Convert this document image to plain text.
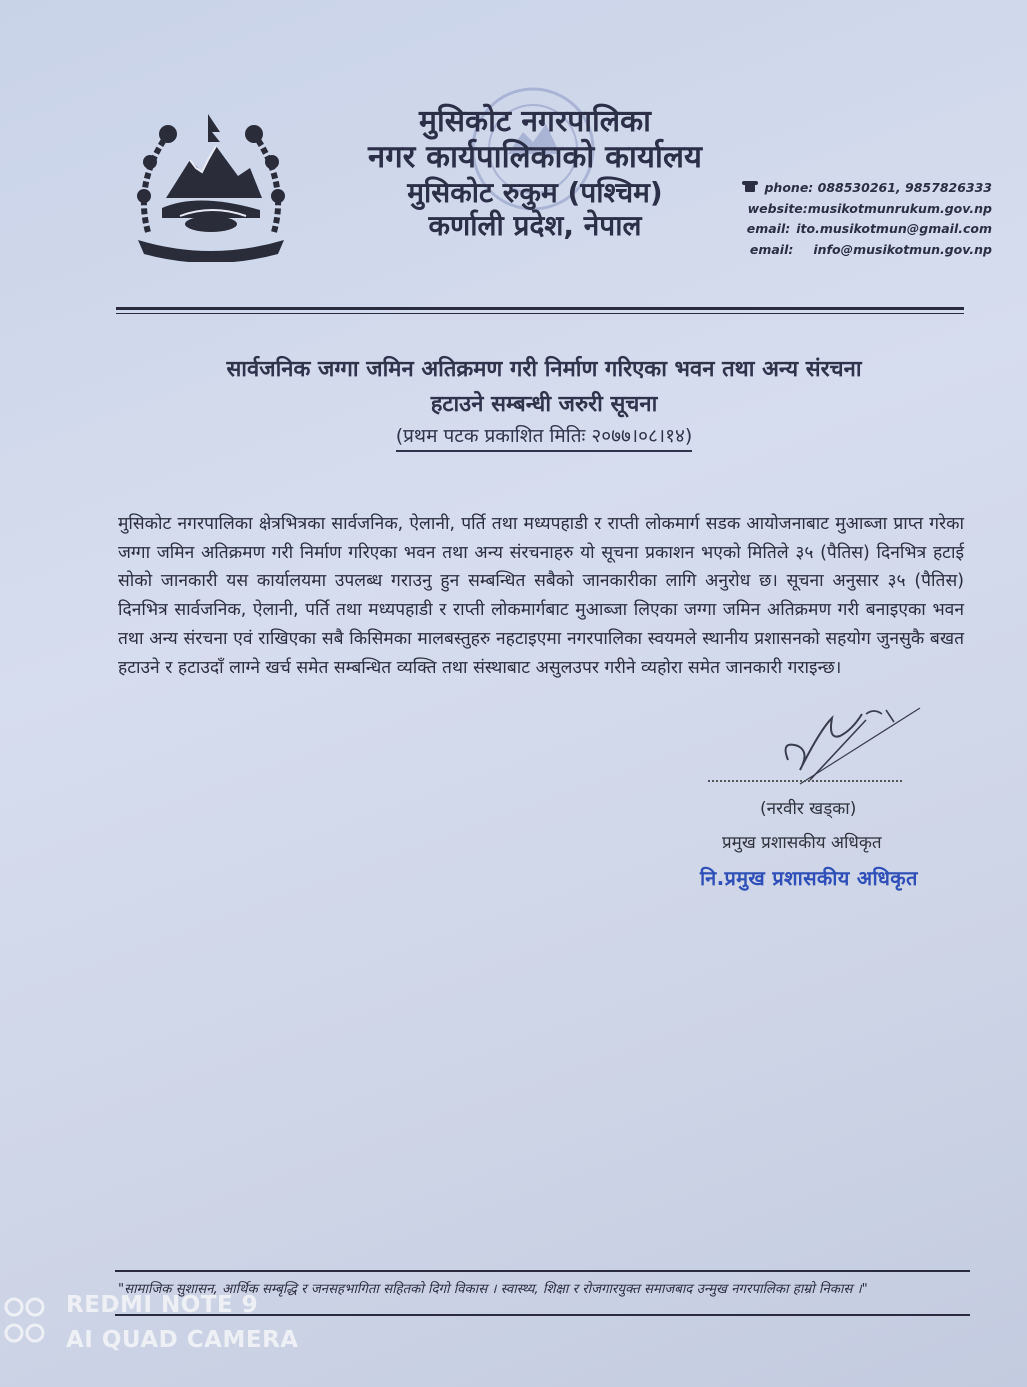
मुसिकोट नगरपालिका
नगर कार्यपालिकाको कार्यालय
मुसिकोट रुकुम (पश्चिम)
कर्णाली प्रदेश, नेपाल
phone: 088530261, 9857826333
website:musikotmunrukum.gov.np
email: ito.musikotmun@gmail.com
email: info@musikotmun.gov.np
सार्वजनिक जग्गा जमिन अतिक्रमण गरी निर्माण गरिएका भवन तथा अन्य संरचना
हटाउने सम्बन्धी जरुरी सूचना
(प्रथम पटक प्रकाशित मितिः २०७७।०८।१४)
मुसिकोट नगरपालिका क्षेत्रभित्रका सार्वजनिक, ऐलानी, पर्ति तथा मध्यपहाडी र राप्ती लोकमार्ग सडक आयोजनाबाट मुआब्जा प्राप्त गरेका जग्गा जमिन अतिक्रमण गरी निर्माण गरिएका भवन तथा अन्य संरचनाहरु यो सूचना प्रकाशन भएको मितिले ३५ (पैतिस) दिनभित्र हटाई सोको जानकारी यस कार्यालयमा उपलब्ध गराउनु हुन सम्बन्धित सबैको जानकारीका लागि अनुरोध छ। सूचना अनुसार ३५ (पैतिस) दिनभित्र सार्वजनिक, ऐलानी, पर्ति तथा मध्यपहाडी र राप्ती लोकमार्गबाट मुआब्जा लिएका जग्गा जमिन अतिक्रमण गरी बनाइएका भवन तथा अन्य संरचना एवं राखिएका सबै किसिमका मालबस्तुहरु नहटाइएमा नगरपालिका स्वयमले स्थानीय प्रशासनको सहयोग जुनसुकै बखत हटाउने र हटाउदाँ लाग्ने खर्च समेत सम्बन्धित व्यक्ति तथा संस्थाबाट असुलउपर गरीने व्यहोरा समेत जानकारी गराइन्छ।
(नरवीर खड्का)
प्रमुख प्रशासकीय अधिकृत
नि.प्रमुख प्रशासकीय अधिकृत
"सामाजिक सुशासन, आर्थिक सम्बृद्धि र जनसहभागिता सहितको दिगो विकास । स्वास्थ्य, शिक्षा र रोजगारयुक्त समाजबाद उन्मुख नगरपालिका हाम्रो निकास ।"
REDMI NOTE 9
AI QUAD CAMERA
